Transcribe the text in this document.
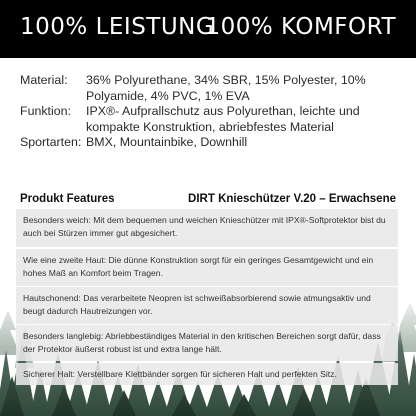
100% LEISTUNG
100% KOMFORT
Material:	36% Polyurethane, 34% SBR, 15% Polyester, 10% Polyamide, 4% PVC, 1% EVA
Funktion:	IPX®- Aufprallschutz aus Polyurethan, leichte und kompakte Konstruktion, abriebfestes Material
Sportarten: BMX, Mountainbike, Downhill
Produkt Features	DIRT Knieschützer V.20 – Erwachsene
Besonders weich: Mit dem bequemen und weichen Knieschützer mit IPX®-Softprotektor bist du auch bei Stürzen immer gut abgesichert.
Wie eine zweite Haut: Die dünne Konstruktion sorgt für ein geringes Gesamtgewicht und ein hohes Maß an Komfort beim Tragen.
Hautschonend: Das verarbeitete Neopren ist schweißabsorbierend sowie atmungsaktiv und beugt dadurch Hautreizungen vor.
Besonders langlebig: Abriebbeständiges Material in den kritischen Bereichen sorgt dafür, dass der Protektor äußerst robust ist und extra lange hält.
Sicherer Halt: Verstellbare Klettbänder sorgen für sicheren Halt und perfekten Sitz.
